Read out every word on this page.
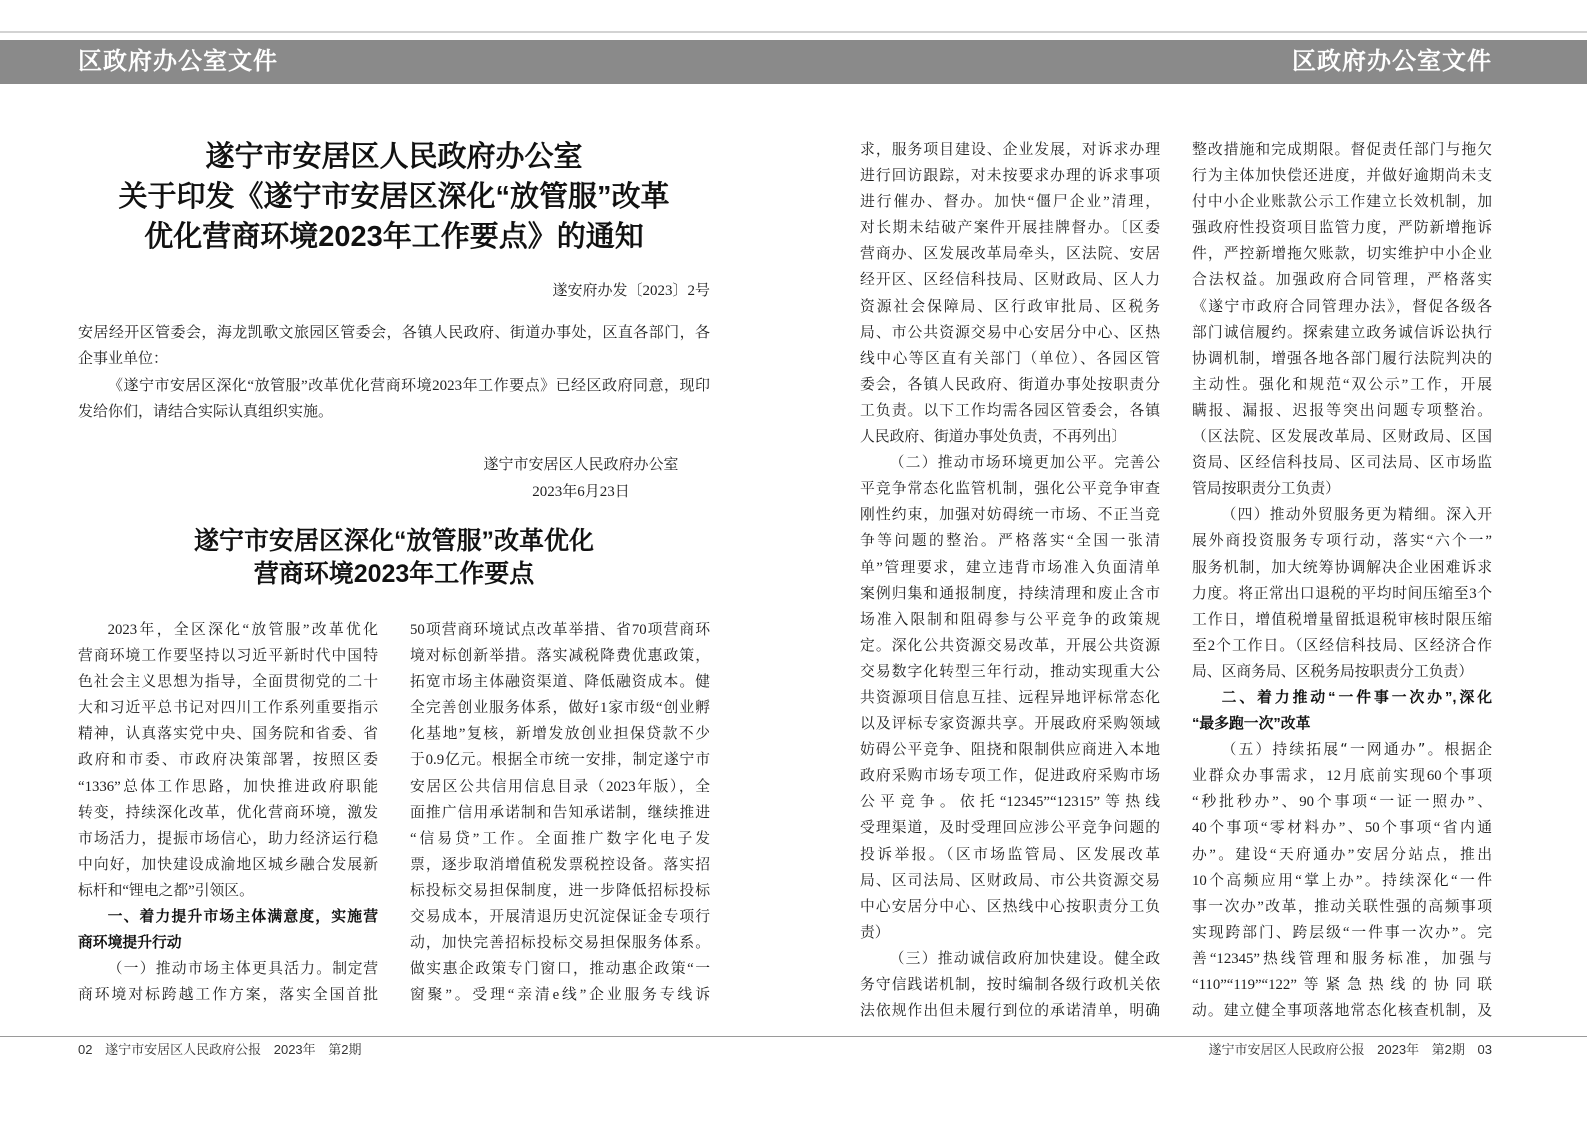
区政府办公室文件	区政府办公室文件
遂宁市安居区人民政府办公室
关于印发《遂宁市安居区深化“放管服”改革
优化营商环境2023年工作要点》的通知
遂安府办发〔2023〕2号
安居经开区管委会，海龙凯歌文旅园区管委会，各镇人民政府、街道办事处，区直各部门，各
企事业单位：
《遂宁市安居区深化“放管服”改革优化营商环境2023年工作要点》已经区政府同意，现印
发给你们，请结合实际认真组织实施。
遂宁市安居区人民政府办公室
2023年6月23日
遂宁市安居区深化“放管服”改革优化
营商环境2023年工作要点
2023年，全区深化“放管服”改革优化
营商环境工作要坚持以习近平新时代中国特
色社会主义思想为指导，全面贯彻党的二十
大和习近平总书记对四川工作系列重要指示
精神，认真落实党中央、国务院和省委、省
政府和市委、市政府决策部署，按照区委
“1336”总体工作思路，加快推进政府职能
转变，持续深化改革，优化营商环境，激发
市场活力，提振市场信心，助力经济运行稳
中向好，加快建设成渝地区城乡融合发展新
标杆和“锂电之都”引领区。
一、着力提升市场主体满意度，实施营
商环境提升行动
（一）推动市场主体更具活力。制定营
商环境对标跨越工作方案，落实全国首批
50项营商环境试点改革举措、省70项营商环
境对标创新举措。落实减税降费优惠政策，
拓宽市场主体融资渠道、降低融资成本。健
全完善创业服务体系，做好1家市级“创业孵
化基地”复核，新增发放创业担保贷款不少
于0.9亿元。根据全市统一安排，制定遂宁市
安居区公共信用信息目录（2023年版），全
面推广信用承诺制和告知承诺制，继续推进
“信易贷”工作。全面推广数字化电子发
票，逐步取消增值税发票税控设备。落实招
标投标交易担保制度，进一步降低招标投标
交易成本，开展清退历史沉淀保证金专项行
动，加快完善招标投标交易担保服务体系。
做实惠企政策专门窗口，推动惠企政策“一
窗聚”。受理“亲清e线”企业服务专线诉
求，服务项目建设、企业发展，对诉求办理
进行回访跟踪，对未按要求办理的诉求事项
进行催办、督办。加快“僵尸企业”清理，
对长期未结破产案件开展挂牌督办。〔区委
营商办、区发展改革局牵头，区法院、安居
经开区、区经信科技局、区财政局、区人力
资源社会保障局、区行政审批局、区税务
局、市公共资源交易中心安居分中心、区热
线中心等区直有关部门（单位）、各园区管
委会，各镇人民政府、街道办事处按职责分
工负责。以下工作均需各园区管委会，各镇
人民政府、街道办事处负责，不再列出〕
（二）推动市场环境更加公平。完善公
平竞争常态化监管机制，强化公平竞争审查
刚性约束，加强对妨碍统一市场、不正当竞
争等问题的整治。严格落实“全国一张清
单”管理要求，建立违背市场准入负面清单
案例归集和通报制度，持续清理和废止含市
场准入限制和阻碍参与公平竞争的政策规
定。深化公共资源交易改革，开展公共资源
交易数字化转型三年行动，推动实现重大公
共资源项目信息互挂、远程异地评标常态化
以及评标专家资源共享。开展政府采购领域
妨碍公平竞争、阻挠和限制供应商进入本地
政府采购市场专项工作，促进政府采购市场
公平竞争。依托“12345”“12315”等热线
受理渠道，及时受理回应涉公平竞争问题的
投诉举报。（区市场监管局、区发展改革
局、区司法局、区财政局、市公共资源交易
中心安居分中心、区热线中心按职责分工负
责）
（三）推动诚信政府加快建设。健全政
务守信践诺机制，按时编制各级行政机关依
法依规作出但未履行到位的承诺清单，明确
整改措施和完成期限。督促责任部门与拖欠
行为主体加快偿还进度，并做好逾期尚未支
付中小企业账款公示工作建立长效机制，加
强政府性投资项目监管力度，严防新增拖诉
件，严控新增拖欠账款，切实维护中小企业
合法权益。加强政府合同管理，严格落实
《遂宁市政府合同管理办法》，督促各级各
部门诚信履约。探索建立政务诚信诉讼执行
协调机制，增强各地各部门履行法院判决的
主动性。强化和规范“双公示”工作，开展
瞒报、漏报、迟报等突出问题专项整治。
（区法院、区发展改革局、区财政局、区国
资局、区经信科技局、区司法局、区市场监
管局按职责分工负责）
（四）推动外贸服务更为精细。深入开
展外商投资服务专项行动，落实“六个一”
服务机制，加大统筹协调解决企业困难诉求
力度。将正常出口退税的平均时间压缩至3个
工作日，增值税增量留抵退税审核时限压缩
至2个工作日。（区经信科技局、区经济合作
局、区商务局、区税务局按职责分工负责）
二、着力推动“一件事一次办”,深化
“最多跑一次”改革
（五）持续拓展“一网通办”。根据企
业群众办事需求，12月底前实现60个事项
“秒批秒办”、90个事项“一证一照办”、
40个事项“零材料办”、50个事项“省内通
办”。建设“天府通办”安居分站点，推出
10个高频应用“掌上办”。持续深化“一件
事一次办”改革，推动关联性强的高频事项
实现跨部门、跨层级“一件事一次办”。完
善“12345”热线管理和服务标准，加强与
“110”“119”“122”等紧急热线的协同联
动。建立健全事项落地常态化核查机制，及
02 遂宁市安居区人民政府公报 2023年 第2期	遂宁市安居区人民政府公报 2023年 第2期 03
